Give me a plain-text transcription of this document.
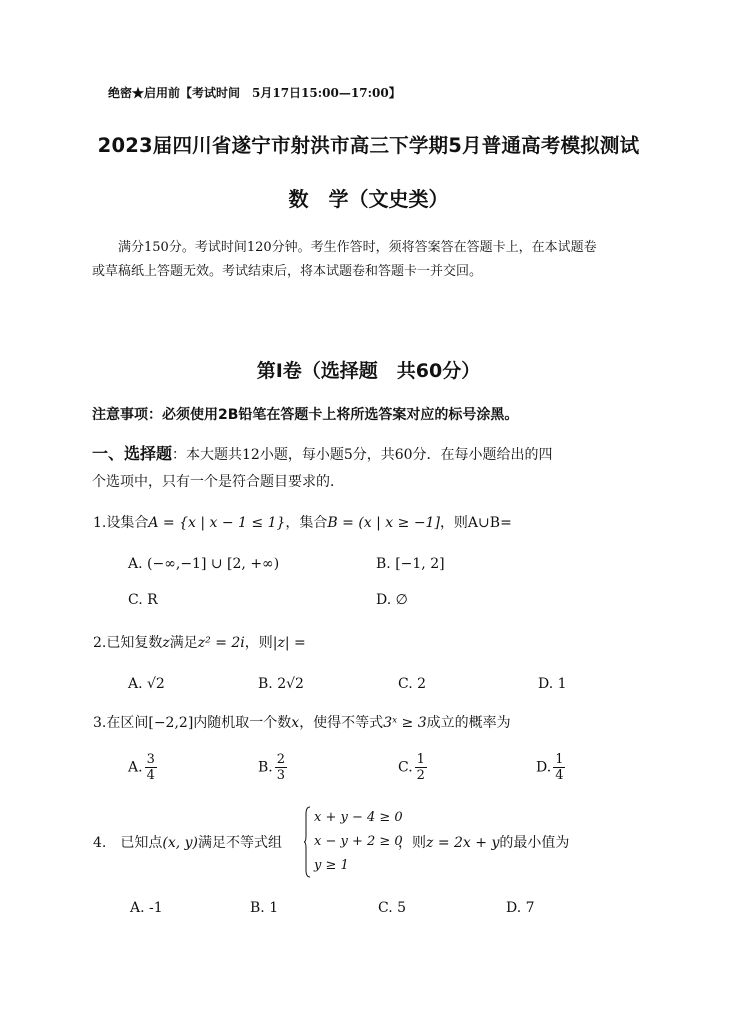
绝密★启用前【考试时间　5月17日15:00—17:00】
2023届四川省遂宁市射洪市高三下学期5月普通高考模拟测试
数　学（文史类）
满分150分。考试时间120分钟。考生作答时，须将答案答在答题卡上，在本试题卷
或草稿纸上答题无效。考试结束后，将本试题卷和答题卡一并交回。
第Ⅰ卷（选择题　共60分）
注意事项：必须使用2B铅笔在答题卡上将所选答案对应的标号涂黑。
一、选择题：本大题共12小题，每小题5分，共60分．在每小题给出的四
个选项中，只有一个是符合题目要求的．
1.设集合A = {x | x − 1 ≤ 1}，集合B = (x | x ≥ −1]，则A∪B=
A. (−∞,−1] ∪ [2, +∞)	B. [−1, 2]
C. R	D. ∅
2.已知复数z满足z² = 2i，则|z| =
A. √2	B. 2√2	C. 2	D. 1
3.在区间[−2,2]内随机取一个数x，使得不等式3ˣ ≥ 3成立的概率为
A. $\frac{3}{4}$	B. $\frac{2}{3}$	C. $\frac{1}{2}$	D. $\frac{1}{4}$
4.　已知点(x, y)满足不等式组
x + y − 4 ≥ 0
x − y + 2 ≥ 0
y ≥ 1
，则z = 2x + y的最小值为
A. -1	B. 1	C. 5	D. 7
